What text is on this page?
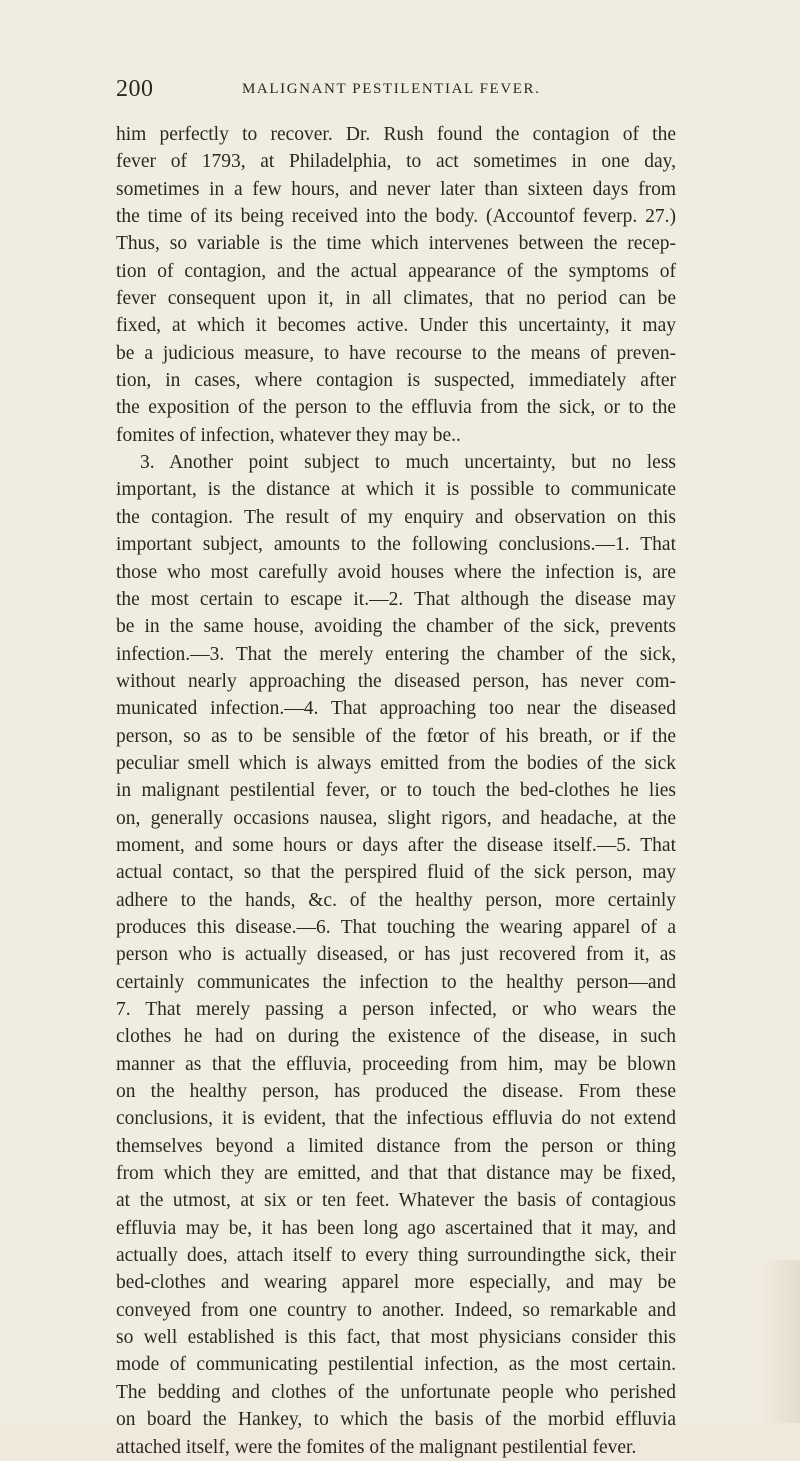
200	MALIGNANT PESTILENTIAL FEVER.
him perfectly to recover. Dr. Rush found the contagion of the
fever of 1793, at Philadelphia, to act sometimes in one day,
sometimes in a few hours, and never later than sixteen days from
the time of its being received into the body. (Accountof feverp. 27.)
Thus, so variable is the time which intervenes between the recep-
tion of contagion, and the actual appearance of the symptoms of
fever consequent upon it, in all climates, that no period can be
fixed, at which it becomes active. Under this uncertainty, it may
be a judicious measure, to have recourse to the means of preven-
tion, in cases, where contagion is suspected, immediately after
the exposition of the person to the effluvia from the sick, or to the
fomites of infection, whatever they may be..
3. Another point subject to much uncertainty, but no less
important, is the distance at which it is possible to communicate
the contagion. The result of my enquiry and observation on this
important subject, amounts to the following conclusions.—1. That
those who most carefully avoid houses where the infection is, are
the most certain to escape it.—2. That although the disease may
be in the same house, avoiding the chamber of the sick, prevents
infection.—3. That the merely entering the chamber of the sick,
without nearly approaching the diseased person, has never com-
municated infection.—4. That approaching too near the diseased
person, so as to be sensible of the fœtor of his breath, or if the
peculiar smell which is always emitted from the bodies of the sick
in malignant pestilential fever, or to touch the bed-clothes he lies
on, generally occasions nausea, slight rigors, and headache, at the
moment, and some hours or days after the disease itself.—5. That
actual contact, so that the perspired fluid of the sick person, may
adhere to the hands, &c. of the healthy person, more certainly
produces this disease.—6. That touching the wearing apparel of a
person who is actually diseased, or has just recovered from it, as
certainly communicates the infection to the healthy person—and
7. That merely passing a person infected, or who wears the
clothes he had on during the existence of the disease, in such
manner as that the effluvia, proceeding from him, may be blown
on the healthy person, has produced the disease. From these
conclusions, it is evident, that the infectious effluvia do not extend
themselves beyond a limited distance from the person or thing
from which they are emitted, and that that distance may be fixed,
at the utmost, at six or ten feet. Whatever the basis of contagious
effluvia may be, it has been long ago ascertained that it may, and
actually does, attach itself to every thing surroundingthe sick, their
bed-clothes and wearing apparel more especially, and may be
conveyed from one country to another. Indeed, so remarkable and
so well established is this fact, that most physicians consider this
mode of communicating pestilential infection, as the most certain.
The bedding and clothes of the unfortunate people who perished
on board the Hankey, to which the basis of the morbid effluvia
attached itself, were the fomites of the malignant pestilential fever.
